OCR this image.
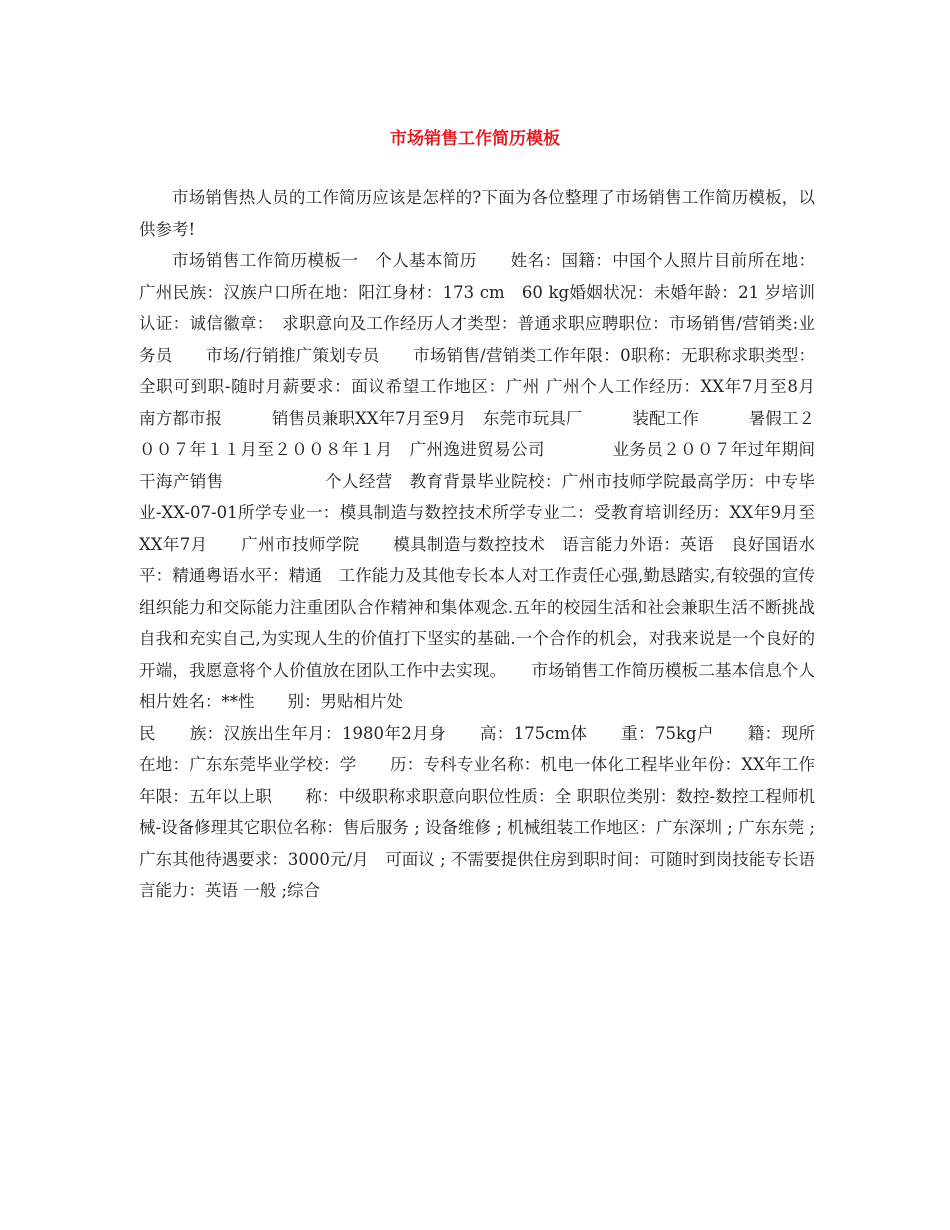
市场销售工作简历模板

市场销售热人员的工作简历应该是怎样的?下面为各位整理了市场销售工作简历模板，以供参考!

市场销售工作简历模板一　个人基本简历　　姓名：国籍：中国个人照片目前所在地：广州民族：汉族户口所在地：阳江身材：173 cm　60 kg婚姻状况：未婚年龄：21 岁培训认证：诚信徽章：　求职意向及工作经历人才类型：普通求职应聘职位：市场销售/营销类:业务员　　市场/行销推广策划专员　　市场销售/营销类工作年限：0职称：无职称求职类型：全职可到职-随时月薪要求：面议希望工作地区：广州 广州个人工作经历：XX年7月至8月　南方都市报　　　销售员兼职XX年7月至9月　东莞市玩具厂　　　装配工作　　　暑假工２００７年１１月至２００８年１月　广州逸进贸易公司　　　　业务员２００７年过年期间干海产销售　　　　　　个人经营　教育背景毕业院校：广州市技师学院最高学历：中专毕业-XX-07-01所学专业一：模具制造与数控技术所学专业二：受教育培训经历：XX年9月至XX年7月　　广州市技师学院　　模具制造与数控技术　语言能力外语：英语　良好国语水平：精通粤语水平：精通　工作能力及其他专长本人对工作责任心强,勤恳踏实,有较强的宣传组织能力和交际能力注重团队合作精神和集体观念.五年的校园生活和社会兼职生活不断挑战自我和充实自己,为实现人生的价值打下坚实的基础.一个合作的机会，对我来说是一个良好的开端，我愿意将个人价值放在团队工作中去实现。　　市场销售工作简历模板二基本信息个人相片姓名：**性　　别：男贴相片处

民　　族：汉族出生年月：1980年2月身　　高：175cm体　　重：75kg户　　籍：现所在地：广东东莞毕业学校：学　　历：专科专业名称：机电一体化工程毕业年份：XX年工作年限：五年以上职　　称：中级职称求职意向职位性质：全 职职位类别：数控-数控工程师机械-设备修理其它职位名称：售后服务 ; 设备维修 ; 机械组装工作地区：广东深圳 ; 广东东莞 ; 广东其他待遇要求：3000元/月　可面议 ; 不需要提供住房到职时间：可随时到岗技能专长语言能力：英语 一般 ;综合
